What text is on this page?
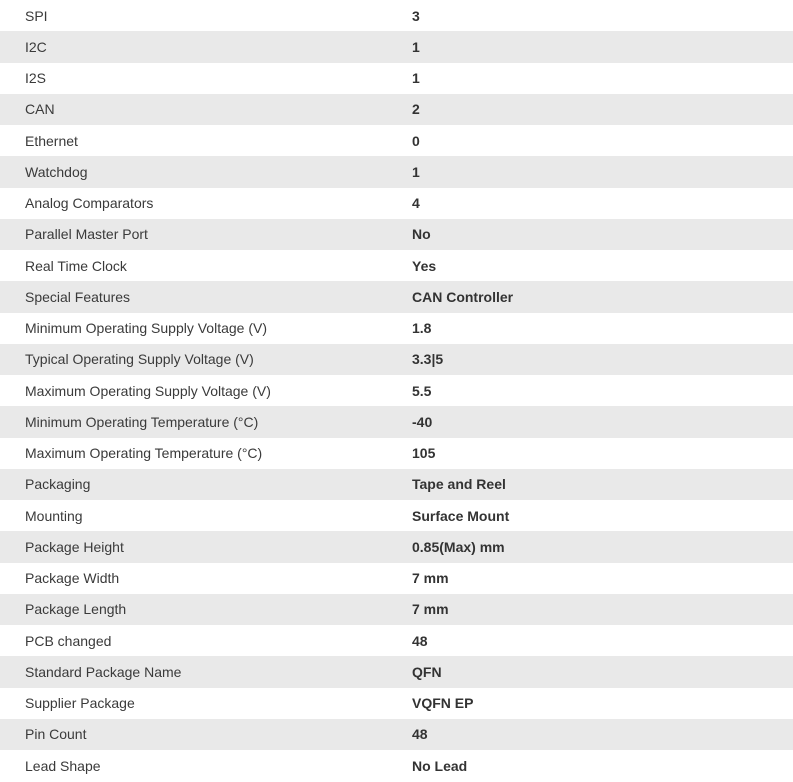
SPI	3
I2C	1
I2S	1
CAN	2
Ethernet	0
Watchdog	1
Analog Comparators	4
Parallel Master Port	No
Real Time Clock	Yes
Special Features	CAN Controller
Minimum Operating Supply Voltage (V)	1.8
Typical Operating Supply Voltage (V)	3.3|5
Maximum Operating Supply Voltage (V)	5.5
Minimum Operating Temperature (°C)	-40
Maximum Operating Temperature (°C)	105
Packaging	Tape and Reel
Mounting	Surface Mount
Package Height	0.85(Max) mm
Package Width	7 mm
Package Length	7 mm
PCB changed	48
Standard Package Name	QFN
Supplier Package	VQFN EP
Pin Count	48
Lead Shape	No Lead
